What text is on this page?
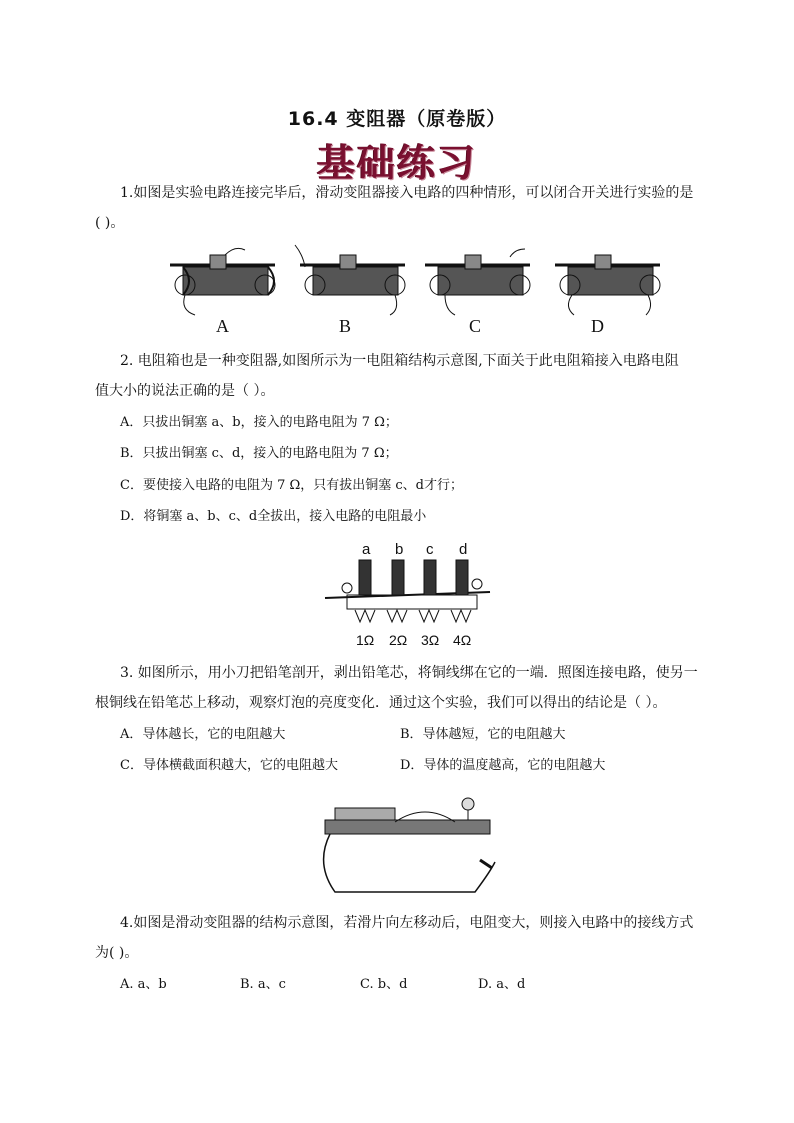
16.4 变阻器（原卷版）
基础练习
1.如图是实验电路连接完毕后，滑动变阻器接入电路的四种情形，可以闭合开关进行实验的是
( )。
A	B	C	D
2. 电阻箱也是一种变阻器,如图所示为一电阻箱结构示意图,下面关于此电阻箱接入电路电阻
值大小的说法正确的是（ ）。
A．只拔出铜塞 a、b，接入的电路电阻为 7 Ω；
B．只拔出铜塞 c、d，接入的电路电阻为 7 Ω；
C．要使接入电路的电阻为 7 Ω，只有拔出铜塞 c、d才行；
D．将铜塞 a、b、c、d全拔出，接入电路的电阻最小
a b c d
1Ω 2Ω 3Ω 4Ω
3. 如图所示，用小刀把铅笔剖开，剥出铅笔芯，将铜线绑在它的一端．照图连接电路，使另一
根铜线在铅笔芯上移动，观察灯泡的亮度变化．通过这个实验，我们可以得出的结论是（ ）。
A．导体越长，它的电阻越大	B．导体越短，它的电阻越大
C．导体横截面积越大，它的电阻越大	D．导体的温度越高，它的电阻越大
4.如图是滑动变阻器的结构示意图，若滑片向左移动后，电阻变大，则接入电路中的接线方式
为( )。
A. a、b	B. a、c	C. b、d	D. a、d
